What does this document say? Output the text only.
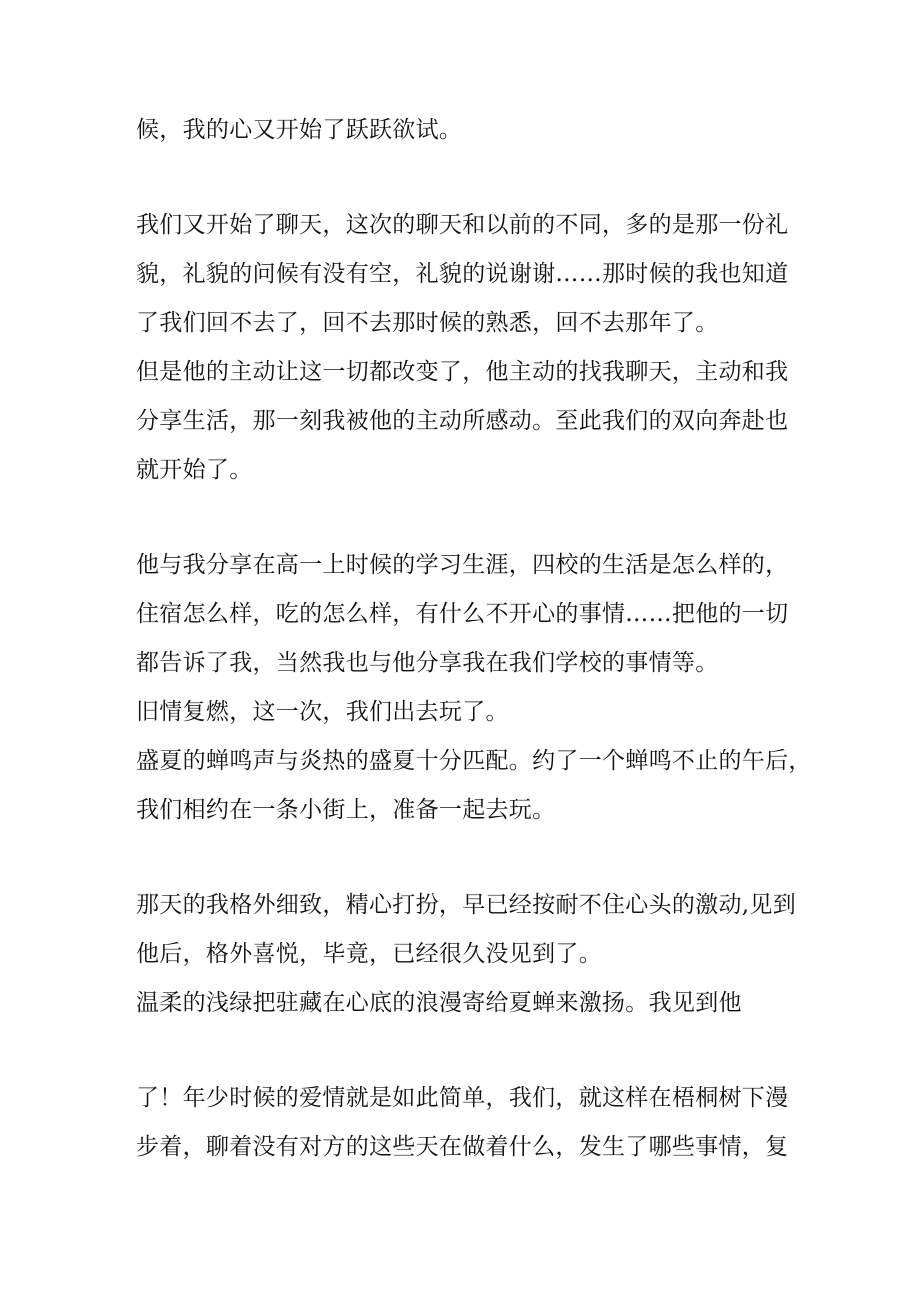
候，我的心又开始了跃跃欲试。
我们又开始了聊天，这次的聊天和以前的不同，多的是那一份礼
貌，礼貌的问候有没有空，礼貌的说谢谢……那时候的我也知道
了我们回不去了，回不去那时候的熟悉，回不去那年了。
但是他的主动让这一切都改变了，他主动的找我聊天，主动和我
分享生活，那一刻我被他的主动所感动。至此我们的双向奔赴也
就开始了。
他与我分享在高一上时候的学习生涯，四校的生活是怎么样的，
住宿怎么样，吃的怎么样，有什么不开心的事情……把他的一切
都告诉了我，当然我也与他分享我在我们学校的事情等。
旧情复燃，这一次，我们出去玩了。
盛夏的蝉鸣声与炎热的盛夏十分匹配。约了一个蝉鸣不止的午后，
我们相约在一条小街上，准备一起去玩。
那天的我格外细致，精心打扮，早已经按耐不住心头的激动,见到
他后，格外喜悦，毕竟，已经很久没见到了。
温柔的浅绿把驻藏在心底的浪漫寄给夏蝉来激扬。我见到他
了！年少时候的爱情就是如此简单，我们，就这样在梧桐树下漫
步着，聊着没有对方的这些天在做着什么，发生了哪些事情，复
